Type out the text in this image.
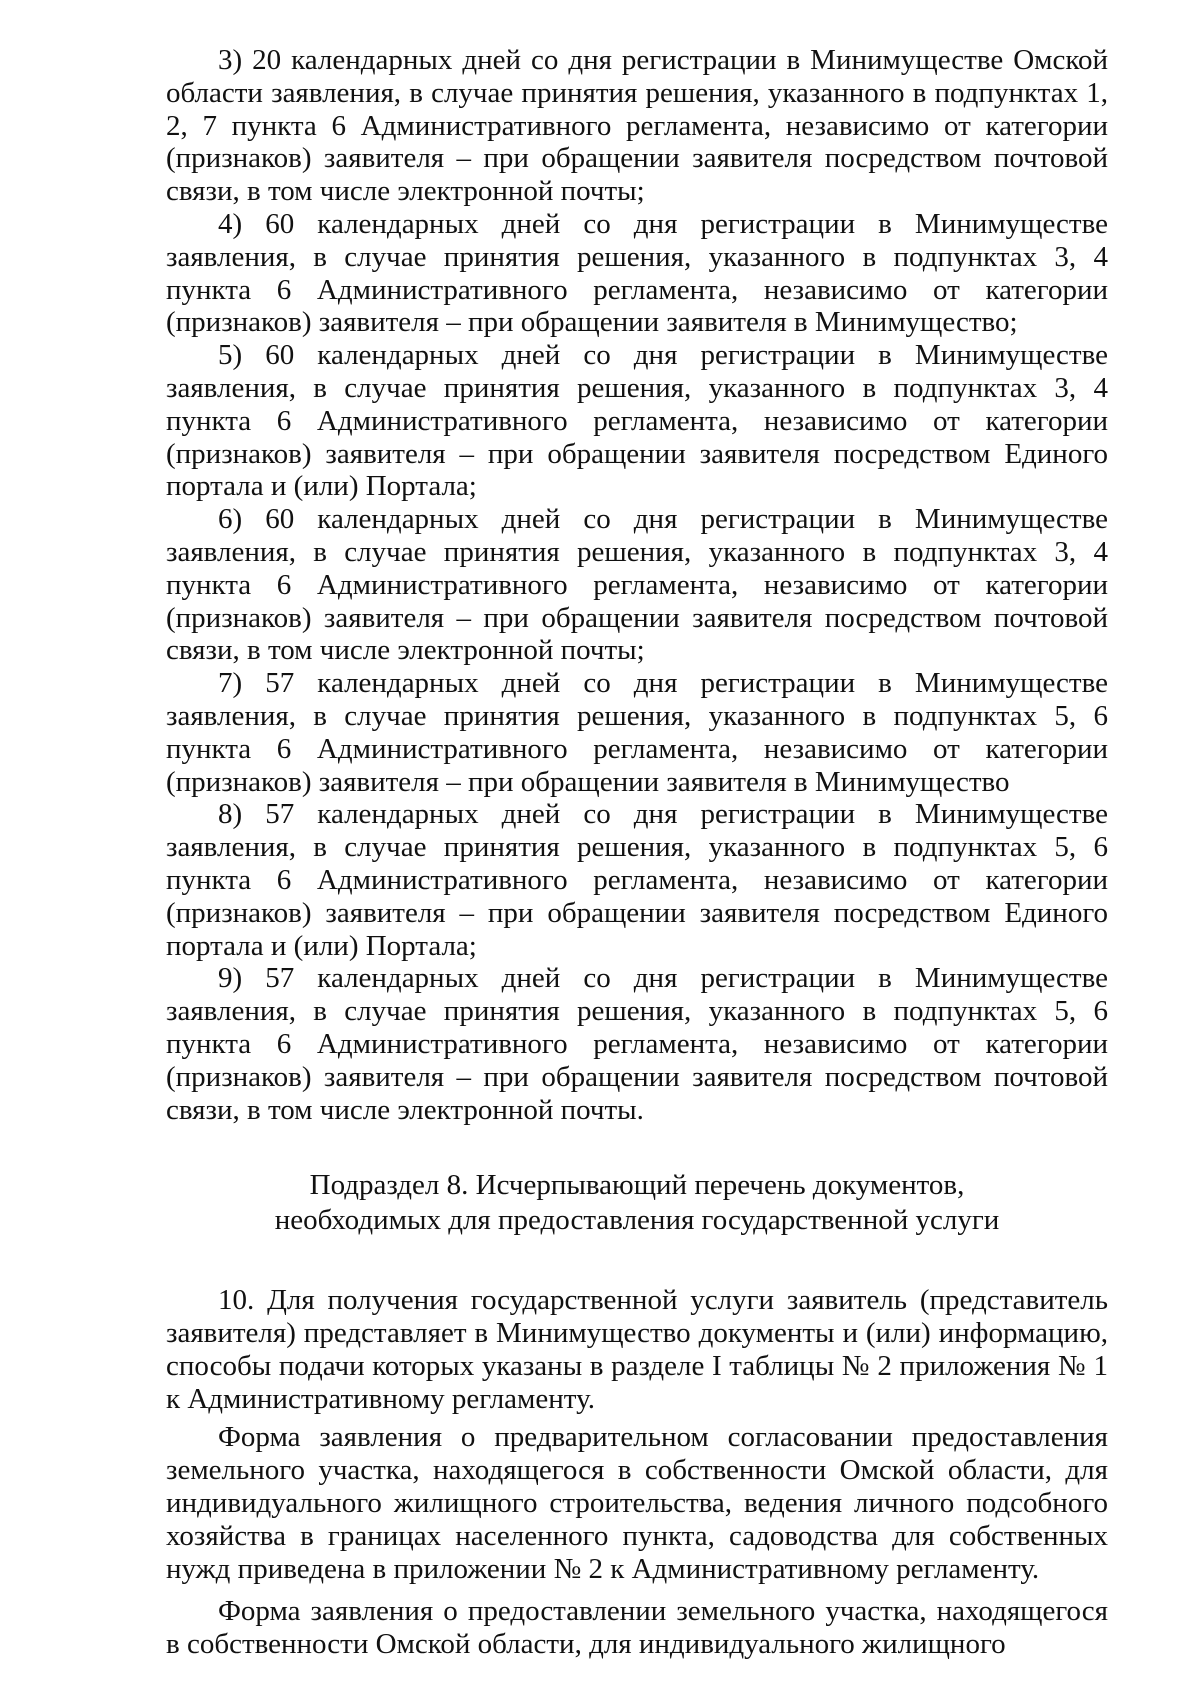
3) 20 календарных дней со дня регистрации в Минимуществе Омской области заявления, в случае принятия решения, указанного в подпунктах 1, 2, 7 пункта 6 Административного регламента, независимо от категории (признаков) заявителя – при обращении заявителя посредством почтовой связи, в том числе электронной почты;

4) 60 календарных дней со дня регистрации в Минимуществе заявления, в случае принятия решения, указанного в подпунктах 3, 4 пункта 6 Административного регламента, независимо от категории (признаков) заявителя – при обращении заявителя в Минимущество;

5) 60 календарных дней со дня регистрации в Минимуществе заявления, в случае принятия решения, указанного в подпунктах 3, 4 пункта 6 Административного регламента, независимо от категории (признаков) заявителя – при обращении заявителя посредством Единого портала и (или) Портала;

6) 60 календарных дней со дня регистрации в Минимуществе заявления, в случае принятия решения, указанного в подпунктах 3, 4 пункта 6 Административного регламента, независимо от категории (признаков) заявителя – при обращении заявителя посредством почтовой связи, в том числе электронной почты;

7) 57 календарных дней со дня регистрации в Минимуществе заявления, в случае принятия решения, указанного в подпунктах 5, 6 пункта 6 Административного регламента, независимо от категории (признаков) заявителя – при обращении заявителя в Минимущество

8) 57 календарных дней со дня регистрации в Минимуществе заявления, в случае принятия решения, указанного в подпунктах 5, 6 пункта 6 Административного регламента, независимо от категории (признаков) заявителя – при обращении заявителя посредством Единого портала и (или) Портала;

9) 57 календарных дней со дня регистрации в Минимуществе заявления, в случае принятия решения, указанного в подпунктах 5, 6 пункта 6 Административного регламента, независимо от категории (признаков) заявителя – при обращении заявителя посредством почтовой связи, в том числе электронной почты.

Подраздел 8. Исчерпывающий перечень документов,
необходимых для предоставления государственной услуги

10. Для получения государственной услуги заявитель (представитель заявителя) представляет в Минимущество документы и (или) информацию, способы подачи которых указаны в разделе I таблицы № 2 приложения № 1 к Административному регламенту.

Форма заявления о предварительном согласовании предоставления земельного участка, находящегося в собственности Омской области, для индивидуального жилищного строительства, ведения личного подсобного хозяйства в границах населенного пункта, садоводства для собственных нужд приведена в приложении № 2 к Административному регламенту.

Форма заявления о предоставлении земельного участка, находящегося в собственности Омской области, для индивидуального жилищного
